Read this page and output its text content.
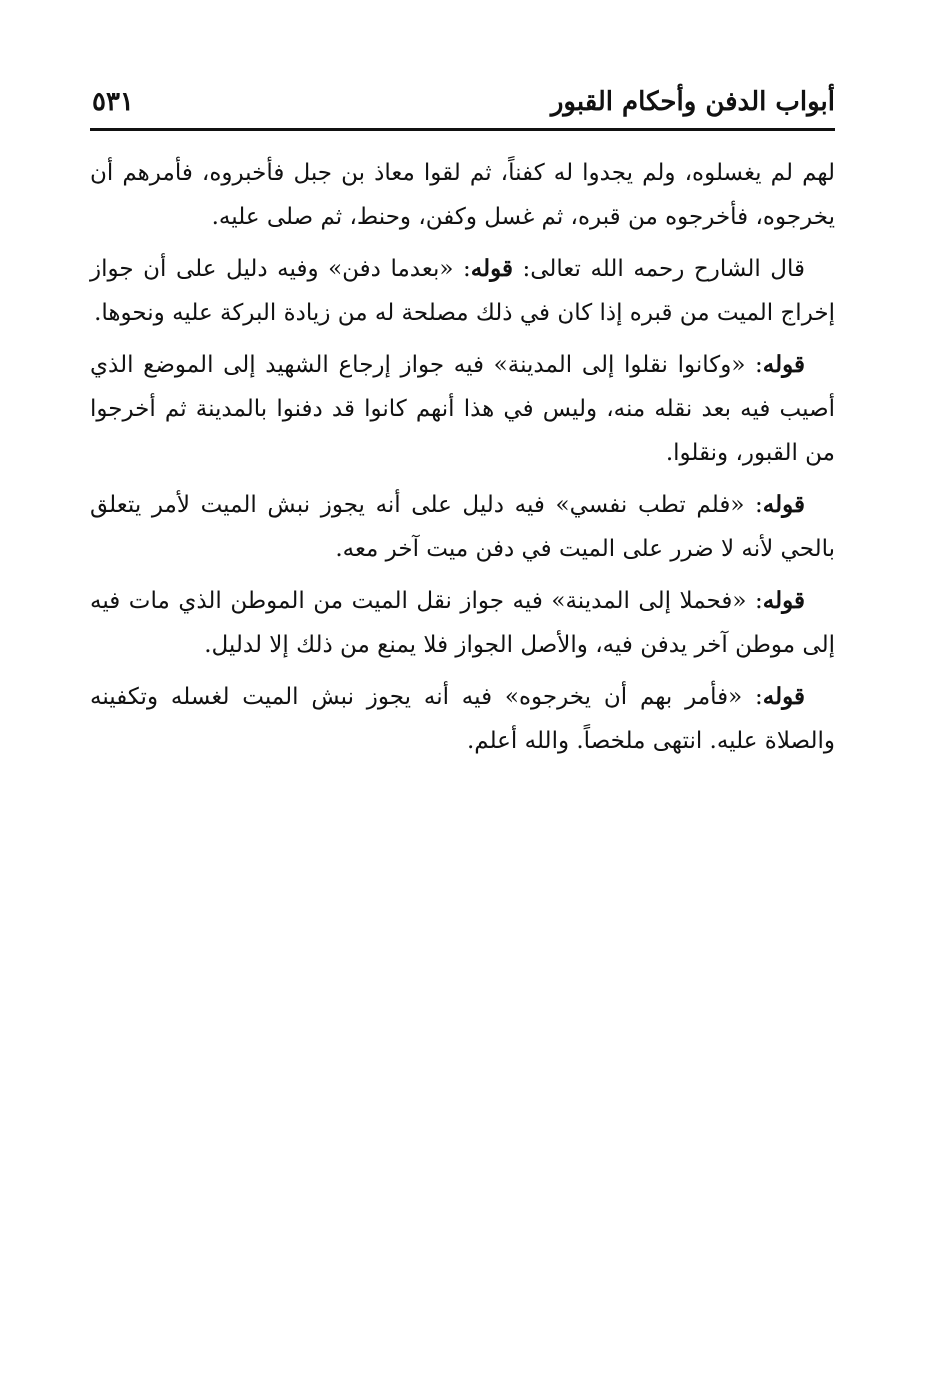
أبواب الدفن وأحكام القبور
٥٣١

لهم لم يغسلوه، ولم يجدوا له كفناً، ثم لقوا معاذ بن جبل فأخبروه، فأمرهم أن يخرجوه، فأخرجوه من قبره، ثم غسل وكفن، وحنط، ثم صلى عليه.

قال الشارح رحمه الله تعالى: قوله: «بعدما دفن» وفيه دليل على أن جواز إخراج الميت من قبره إذا كان في ذلك مصلحة له من زيادة البركة عليه ونحوها.

قوله: «وكانوا نقلوا إلى المدينة» فيه جواز إرجاع الشهيد إلى الموضع الذي أصيب فيه بعد نقله منه، وليس في هذا أنهم كانوا قد دفنوا بالمدينة ثم أخرجوا من القبور، ونقلوا.

قوله: «فلم تطب نفسي» فيه دليل على أنه يجوز نبش الميت لأمر يتعلق بالحي لأنه لا ضرر على الميت في دفن ميت آخر معه.

قوله: «فحملا إلى المدينة» فيه جواز نقل الميت من الموطن الذي مات فيه إلى موطن آخر يدفن فيه، والأصل الجواز فلا يمنع من ذلك إلا لدليل.

قوله: «فأمر بهم أن يخرجوه» فيه أنه يجوز نبش الميت لغسله وتكفينه والصلاة عليه. انتهى ملخصاً. والله أعلم.
